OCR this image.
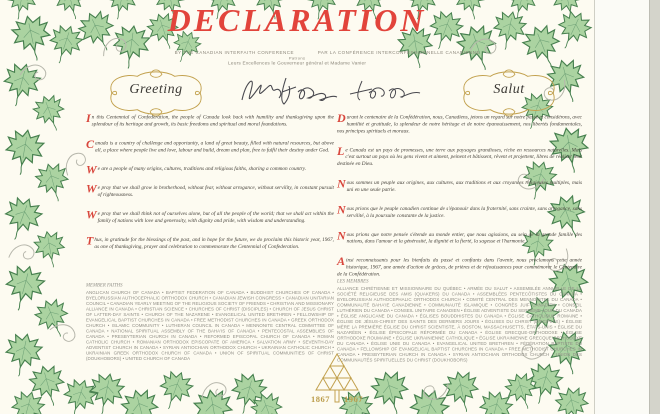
DECLARATION
BY THE CANADIAN INTERFAITH CONFERENCE	PAR LA CONFÉRENCE INTERCONFESSIONNELLE CANADIENNE
Patrons
Leurs Excellences le Gouverneur général et Madame Vanier
Greeting	Salut

In this Centennial of Confederation, the people of Canada look back with humility and thanksgiving upon the splendour of its heritage and growth, its basic freedoms and spiritual and moral foundations.

Canada is a country of challenge and opportunity, a land of great beauty, filled with natural resources, but above all, a place where people live and love, labour and build, dream and plan, free to fulfil their destiny under God.

We are a people of many origins, cultures, traditions and religious faiths, sharing a common country.

We pray that we shall grow in brotherhood, without fear, without arrogance, without servility, in constant pursuit of righteousness.

We pray that we shall think not of ourselves alone, but of all the people of the world; that we shall act within the family of nations with love and generosity, with dignity and pride, with wisdom and understanding.

Thus, in gratitude for the blessings of the past, and in hope for the future, we do proclaim this historic year, 1967, as one of thanksgiving, prayer and celebration to commemorate the Centennial of Confederation.

Durant le centenaire de la Confédération, nous, Canadiens, jetons un regard sur notre passé et considérons, avec humilité et gratitude, la splendeur de notre héritage et de notre épanouissement, nos libertés fondamentales, nos principes spirituels et moraux.

Le Canada est un pays de promesses, une terre aux paysages grandioses, riche en ressources naturelles. Mais c'est surtout un pays où les gens vivent et aiment, peinent et bâtissent, rêvent et projettent, libres de réaliser leur destinée en Dieu.

Nous sommes un peuple aux origines, aux cultures, aux traditions et aux croyances religieuses multiples, mais uni en une seule patrie.

Nous prions que le peuple canadien continue de s'épanouir dans la fraternité, sans crainte, sans arrogance, sans servilité, à la poursuite constante de la justice.

Nous prions que notre pensée s'étende au monde entier, que nous agissions, au sein de la grande famille des nations, dans l'amour et la générosité, la dignité et la fierté, la sagesse et l'harmonie.

Ainsi reconnaissants pour les bienfaits du passé et confiants dans l'avenir, nous proclamons cette année historique, 1967, une année d'action de grâces, de prières et de réjouissances pour commémorer le Centenaire de la Confédération.

MEMBER FAITHS
ANGLICAN CHURCH OF CANADA • BAPTIST FEDERATION OF CANADA • BUDDHIST CHURCHES OF CANADA • BYELORUSSIAN AUTHOCEPHALIC ORTHODOX CHURCH • CANADIAN JEWISH CONGRESS • CANADIAN UNITARIAN COUNCIL • CANADIAN YEARLY MEETING OF THE RELIGIOUS SOCIETY OF FRIENDS • CHRISTIAN AND MISSIONARY ALLIANCE IN CANADA • CHRISTIAN SCIENCE • CHURCHES OF CHRIST (DISCIPLES) • CHURCH OF JESUS CHRIST OF LATTER-DAY SAINTS • CHURCH OF THE NAZARENE • EVANGELICAL UNITED BRETHREN • FELLOWSHIP OF EVANGELICAL BAPTIST CHURCHES IN CANADA • FREE METHODIST CHURCHES IN CANADA • GREEK ORTHODOX CHURCH • ISLAMIC COMMUNITY • LUTHERAN COUNCIL IN CANADA • MENNONITE CENTRAL COMMITTEE OF CANADA • NATIONAL SPIRITUAL ASSEMBLY OF THE BAHA'IS OF CANADA • PENTECOSTAL ASSEMBLIES OF CANADA • PRESBYTERIAN CHURCH IN CANADA • REFORMED EPISCOPAL CHURCH OF CANADA • ROMAN CATHOLIC CHURCH • ROMANIAN ORTHODOX EPISCOPATE OF AMERICA • SALVATION ARMY • SEVENTH-DAY ADVENTIST CHURCH IN CANADA • SYRIAN ANTIOCHIAN ORTHODOX CHURCH • UKRAINIAN CATHOLIC CHURCH • UKRAINIAN GREEK ORTHODOX CHURCH OF CANADA • UNION OF SPIRITUAL COMMUNITIES OF CHRIST (DOUKHOBORS) • UNITED CHURCH OF CANADA
LES MEMBRES
ALLIANCE CHRÉTIENNE ET MISSIONNAIRE DU QUÉBEC • ARMÉE DU SALUT • ASSEMBLÉE ANNUELLE DE LA SOCIÉTÉ RELIGIEUSE DES AMIS (QUAKERS) DU CANADA • ASSEMBLÉES PENTECÔTISTES DU CANADA • BYELORUSSIAN AUTHOCEPHALIC ORTHODOX CHURCH • COMITÉ CENTRAL DES MENNONITES DU CANADA • COMMUNAUTÉ BAHA'IE CANADIENNE • COMMUNAUTÉ ISLAMIQUE • CONGRÈS JUIF CANADIEN • CONSEIL LUTHÉRIEN DU CANADA • CONSEIL UNITAIRE CANADIEN • ÉGLISE ADVENTISTE DU SEPTIÈME JOUR DU CANADA • ÉGLISE ANGLICANE DU CANADA • ÉGLISES BOUDDHISTES DU CANADA • ÉGLISE CATHOLIQUE ROMAINE • ÉGLISE DE JÉSUS-CHRIST DES SAINTS DES DERNIERS JOURS • ÉGLISES DU CHRIST (DISCIPLES) • ÉGLISE MÈRE LA PREMIÈRE ÉGLISE DU CHRIST SCIENTISTE, À BOSTON, MASSACHUSETTS, ÉTATS-UNIS • ÉGLISE DU NAZARÉEN • ÉGLISE ÉPISCOPALE RÉFORMÉE DU CANADA • ÉGLISE GRECQUE-ORTHODOXE • ÉGLISE ORTHODOXE ROUMAINE • ÉGLISE UKRAINIENNE CATHOLIQUE • ÉGLISE UKRAINIENNE GRECQUE-ORTHODOXE DU CANADA • ÉGLISE UNIE DU CANADA • EVANGELICAL UNITED BRETHREN • FÉDÉRATION BAPTISTE DU CANADA • FELLOWSHIP OF EVANGELICAL BAPTIST CHURCHES IN CANADA • FREE METHODIST CHURCHES IN CANADA • PRESBYTERIAN CHURCH IN CANADA • SYRIAN ANTIOCHIAN ORTHODOX CHURCH • UNION DES COMMUNAUTÉS SPIRITUELLES DU CHRIST (DOUKHOBORS)
1867 1967
